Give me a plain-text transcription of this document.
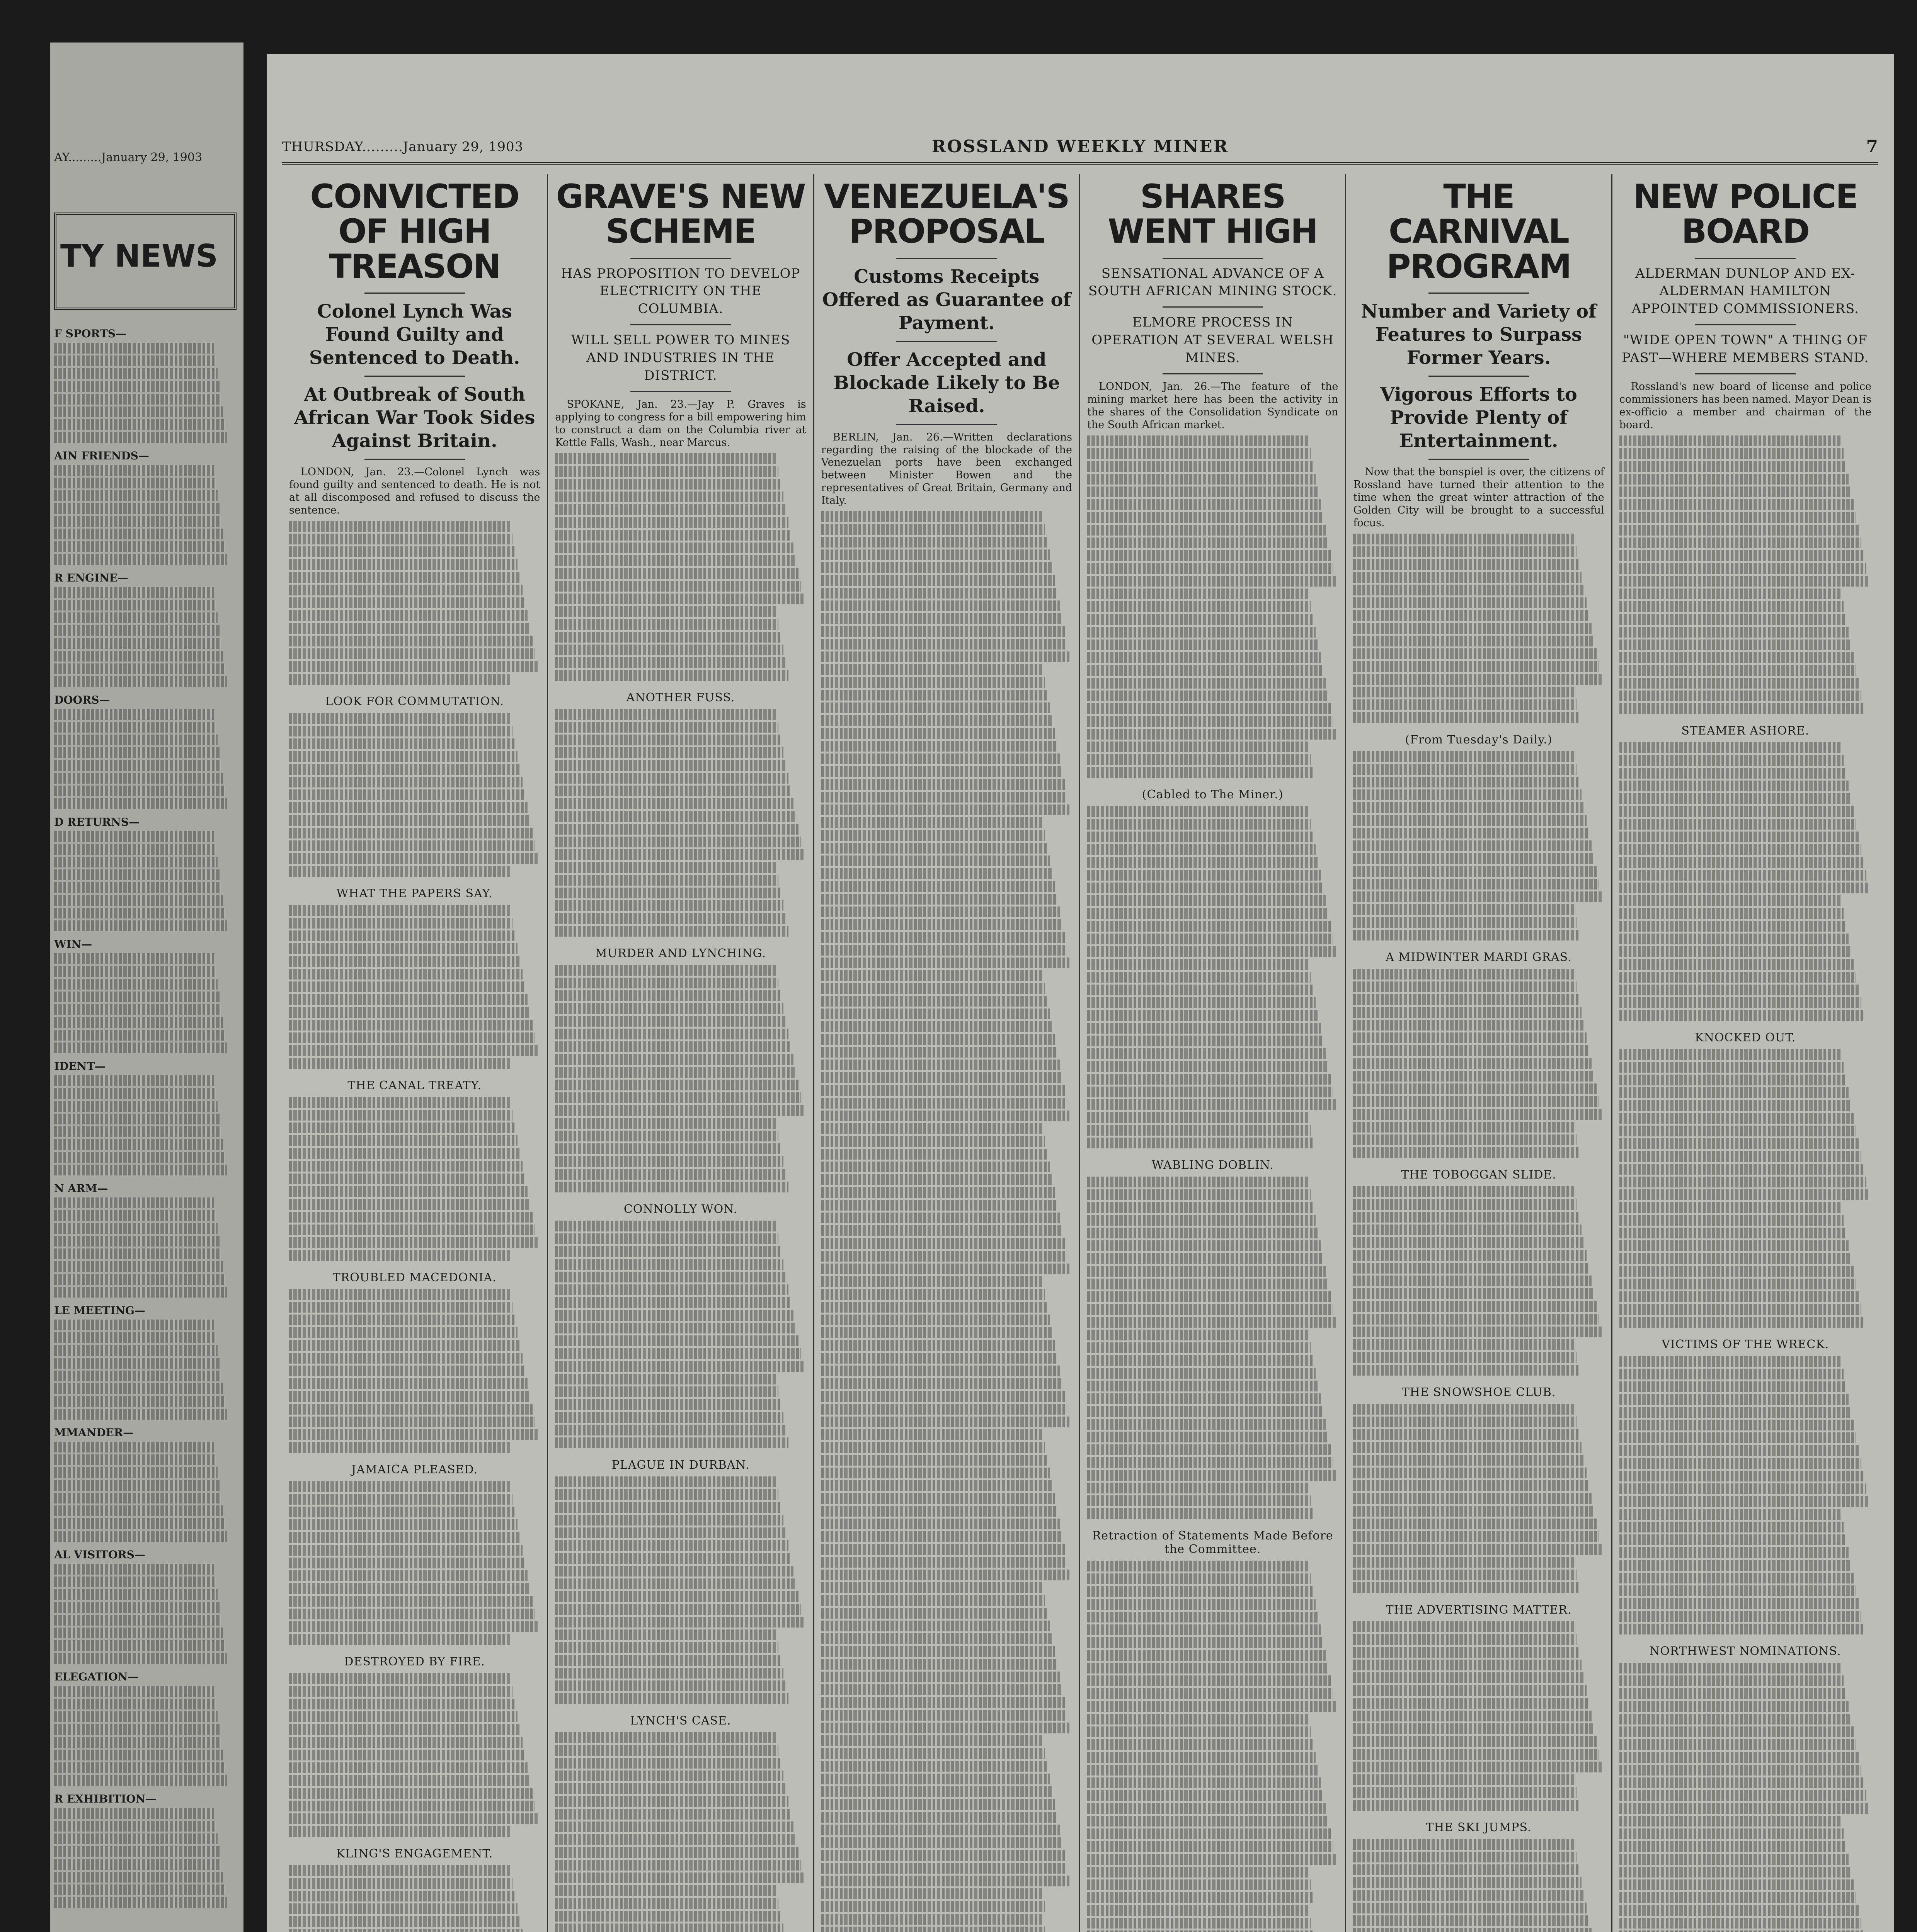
AY.........January 29, 1903
TY NEWS
F SPORTS—
AIN FRIENDS—
R ENGINE—
DOORS—
D RETURNS—
WIN—
IDENT—
N ARM—
LE MEETING—
MMANDER—
AL VISITORS—
ELEGATION—
R EXHIBITION—
THURSDAY.........January 29, 1903	ROSSLAND WEEKLY MINER	7
CONVICTED OF HIGH TREASON
Colonel Lynch Was Found Guilty and Sentenced to Death.
At Outbreak of South African War Took Sides Against Britain.

LONDON, Jan. 23.—Colonel Lynch was found guilty and sentenced to death. He is not at all discomposed and refused to discuss the sentence.

LOOK FOR COMMUTATION.
WHAT THE PAPERS SAY.
THE CANAL TREATY.
TROUBLED MACEDONIA.
JAMAICA PLEASED.
DESTROYED BY FIRE.
KLING'S ENGAGEMENT.
GRAVE'S NEW SCHEME
HAS PROPOSITION TO DEVELOP ELECTRICITY ON THE COLUMBIA.
WILL SELL POWER TO MINES AND INDUSTRIES IN THE DISTRICT.

SPOKANE, Jan. 23.—Jay P. Graves is applying to congress for a bill empowering him to construct a dam on the Columbia river at Kettle Falls, Wash., near Marcus.

ANOTHER FUSS.
MURDER AND LYNCHING.
CONNOLLY WON.
PLAGUE IN DURBAN.
LYNCH'S CASE.
VENEZUELA'S PROPOSAL
Customs Receipts Offered as Guarantee of Payment.
Offer Accepted and Blockade Likely to Be Raised.

BERLIN, Jan. 26.—Written declarations regarding the raising of the blockade of the Venezuelan ports have been exchanged between Minister Bowen and the representatives of Great Britain, Germany and Italy.

SHARES WENT HIGH
SENSATIONAL ADVANCE OF A SOUTH AFRICAN MINING STOCK.
ELMORE PROCESS IN OPERATION AT SEVERAL WELSH MINES.

LONDON, Jan. 26.—The feature of the mining market here has been the activity in the shares of the Consolidation Syndicate on the South African market.

(Cabled to The Miner.)
WABLING DOBLIN.
Retraction of Statements Made Before the Committee.
THE CARNIVAL PROGRAM
Number and Variety of Features to Surpass Former Years.
Vigorous Efforts to Provide Plenty of Entertainment.

Now that the bonspiel is over, the citizens of Rossland have turned their attention to the time when the great winter attraction of the Golden City will be brought to a successful focus.

(From Tuesday's Daily.)
A MIDWINTER MARDI GRAS.
THE TOBOGGAN SLIDE.
THE SNOWSHOE CLUB.
THE ADVERTISING MATTER.
THE SKI JUMPS.
NEW POLICE BOARD
ALDERMAN DUNLOP AND EX-ALDERMAN HAMILTON APPOINTED COMMISSIONERS.
"WIDE OPEN TOWN" A THING OF PAST—WHERE MEMBERS STAND.

Rossland's new board of license and police commissioners has been named. Mayor Dean is ex-officio a member and chairman of the board.

STEAMER ASHORE.
KNOCKED OUT.
VICTIMS OF THE WRECK.
NORTHWEST NOMINATIONS.
